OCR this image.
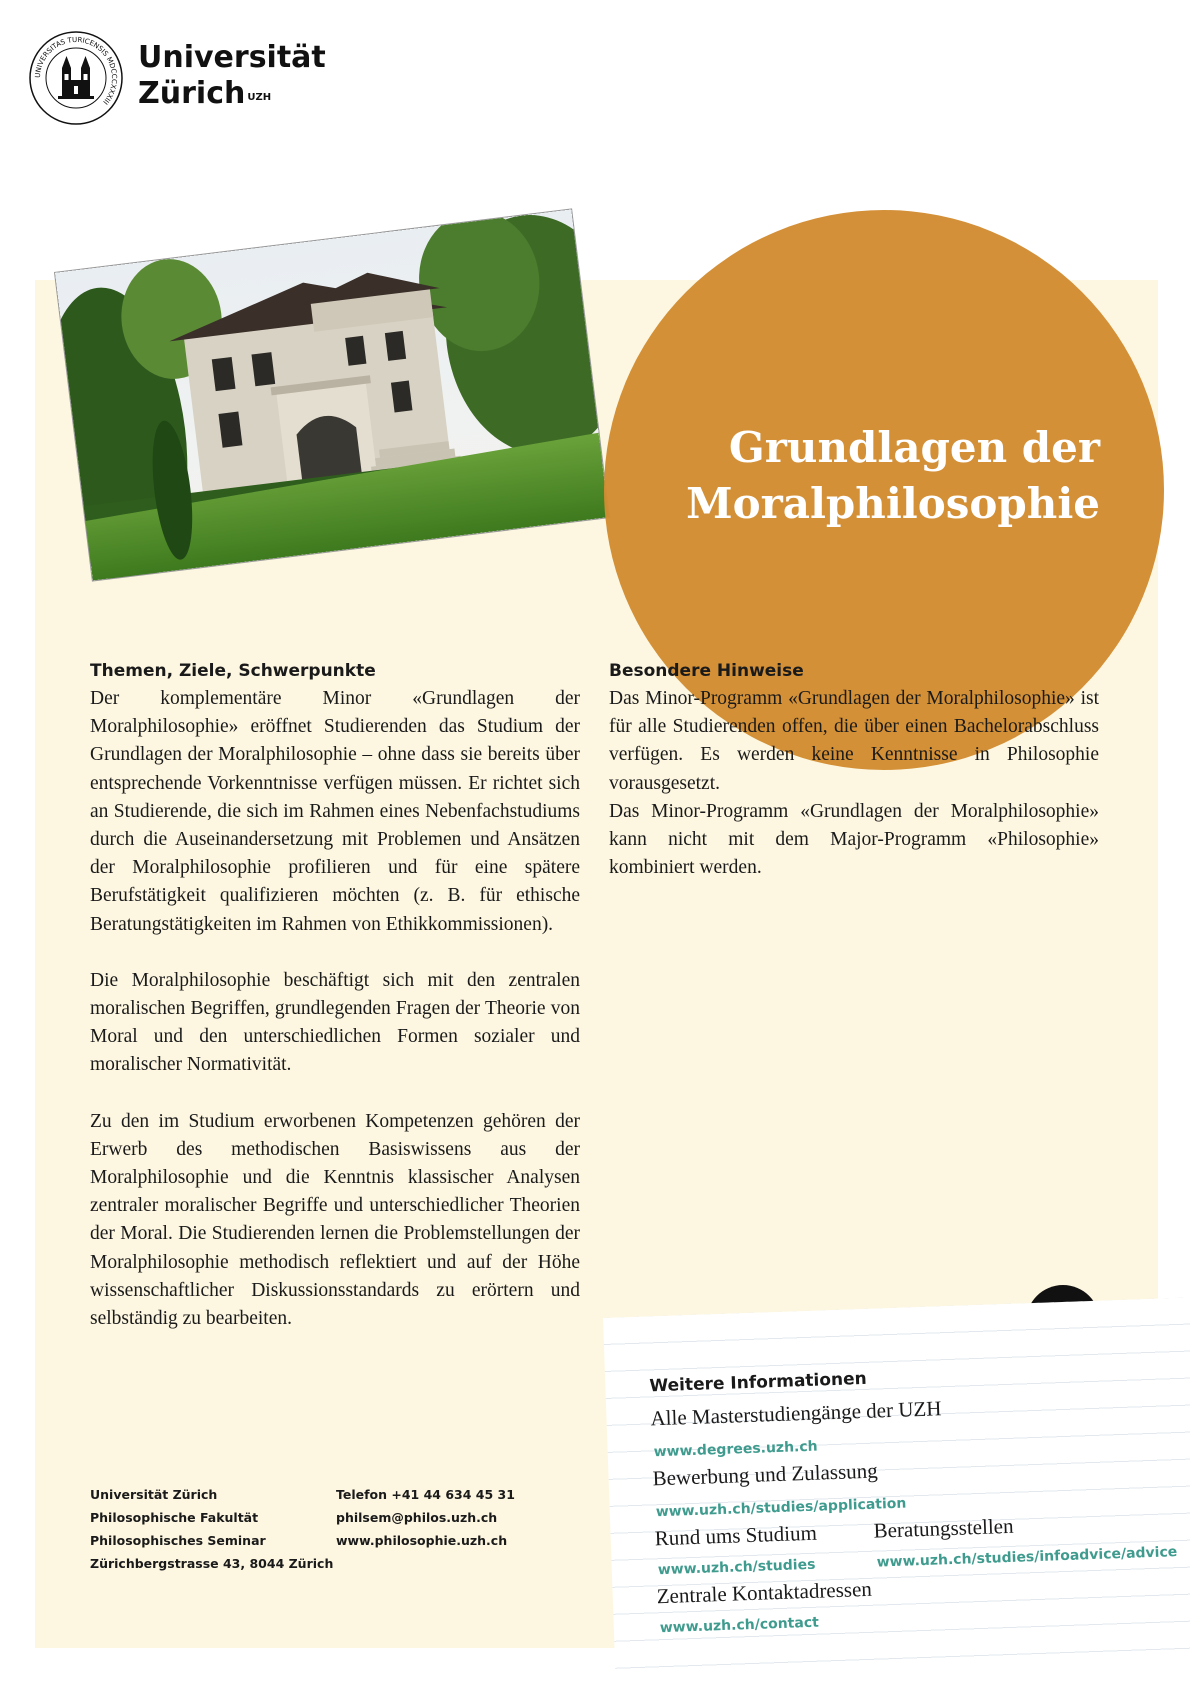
UNIVERSITAS TURICENSIS MDCCCXXXIII
Universität
Zürich $^{UZH}$
Grundlagen der
Moralphilosophie
Themen, Ziele, Schwerpunkte

Der komplementäre Minor «Grundlagen der Moralphilosophie» eröffnet Studierenden das Studium der Grundlagen der Moralphilosophie – ohne dass sie bereits über entsprechende Vorkenntnisse verfügen müssen. Er richtet sich an Studierende, die sich im Rahmen eines Nebenfachstudiums durch die Auseinandersetzung mit Problemen und Ansätzen der Moralphilosophie profilieren und für eine spätere Berufstätigkeit qualifizieren möchten (z. B. für ethische Beratungstätigkeiten im Rahmen von Ethikkommissionen).

Die Moralphilosophie beschäftigt sich mit den zentralen moralischen Begriffen, grundlegenden Fragen der Theorie von Moral und den unterschiedlichen Formen sozialer und moralischer Normativität.

Zu den im Studium erworbenen Kompetenzen gehören der Erwerb des methodischen Basiswissens aus der Moralphilosophie und die Kenntnis klassischer Analysen zentraler moralischer Begriffe und unterschiedlicher Theorien der Moral. Die Studierenden lernen die Problemstellungen der Moralphilosophie methodisch reflektiert und auf der Höhe wissenschaftlicher Diskussionsstandards zu erörtern und selbständig zu bearbeiten.

Besondere Hinweise

Das Minor-Programm «Grundlagen der Moralphilosophie» ist für alle Studierenden offen, die über einen Bachelorabschluss verfügen. Es werden keine Kenntnisse in Philosophie vorausgesetzt.

Das Minor-Programm «Grundlagen der Moralphilosophie» kann nicht mit dem Major-Programm «Philosophie» kombiniert werden.

Weitere Informationen
Alle Masterstudiengänge der UZH
www.degrees.uzh.ch
Bewerbung und Zulassung
www.uzh.ch/studies/application
Rund ums Studium
www.uzh.ch/studies
Beratungsstellen
www.uzh.ch/studies/infoadvice/advice
Zentrale Kontaktadressen
www.uzh.ch/contact
Universität Zürich
Philosophische Fakultät
Philosophisches Seminar
Zürichbergstrasse 43, 8044 Zürich
Telefon +41 44 634 45 31
philsem@philos.uzh.ch
www.philosophie.uzh.ch
